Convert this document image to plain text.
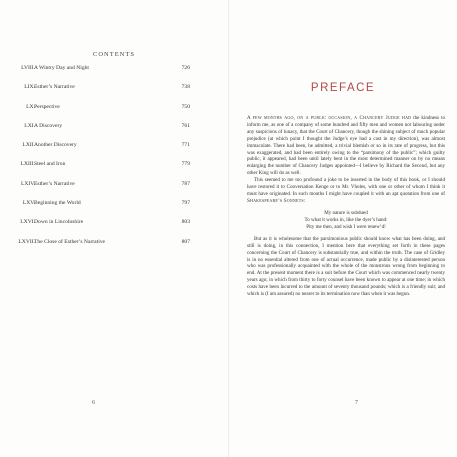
CONTENTS
LVIII. A Wintry Day and Night	726
LIX. Esther’s Narrative	738
LX. Perspective	750
LXI. A Discovery	761
LXII. Another Discovery	771
LXIII. Steel and Iron	779
LXIV. Esther’s Narrative	787
LXV. Beginning the World	797
LXVI. Down in Lincolnshire	803
LXVII. The Close of Esther’s Narrative	807
6
PREFACE

A few months ago, on a public occasion, a Chancery Judge had the kindness to inform me, as one of a company of some hundred and fifty men and women not labouring under any suspicions of lunacy, that the Court of Chancery, though the shining subject of much popular prejudice (at which point I thought the Judge’s eye had a cast in my direction), was almost immaculate. There had been, he admitted, a trivial blemish or so in its rate of progress, but this was exaggerated, and had been entirely owing to the “parsimony of the public”; which guilty public, it appeared, had been until lately bent in the most determined manner on by no means enlarging the number of Chancery Judges appointed—I believe by Richard the Second, but any other King will do as well.

This seemed to me too profound a joke to be inserted in the body of this book, or I should have restored it to Conversation Kenge or to Mr. Vholes, with one or other of whom I think it must have originated. In such mouths I might have coupled it with an apt quotation from one of Shakespeare’s Sonnets:

My nature is subdued
To what it works in, like the dyer’s hand:
Pity me then, and wish I were renew’d!

But as it is wholesome that the parsimonious public should know what has been doing, and still is doing, in this connection, I mention here that everything set forth in these pages concerning the Court of Chancery is substantially true, and within the truth. The case of Gridley is in no essential altered from one of actual occurrence, made public by a disinterested person who was professionally acquainted with the whole of the monstrous wrong from beginning to end. At the present moment there is a suit before the Court which was commenced nearly twenty years ago; in which from thirty to forty counsel have been known to appear at one time; in which costs have been incurred to the amount of seventy thousand pounds; which is a friendly suit; and which is (I am assured) no nearer to its termination now than when it was begun.

7
